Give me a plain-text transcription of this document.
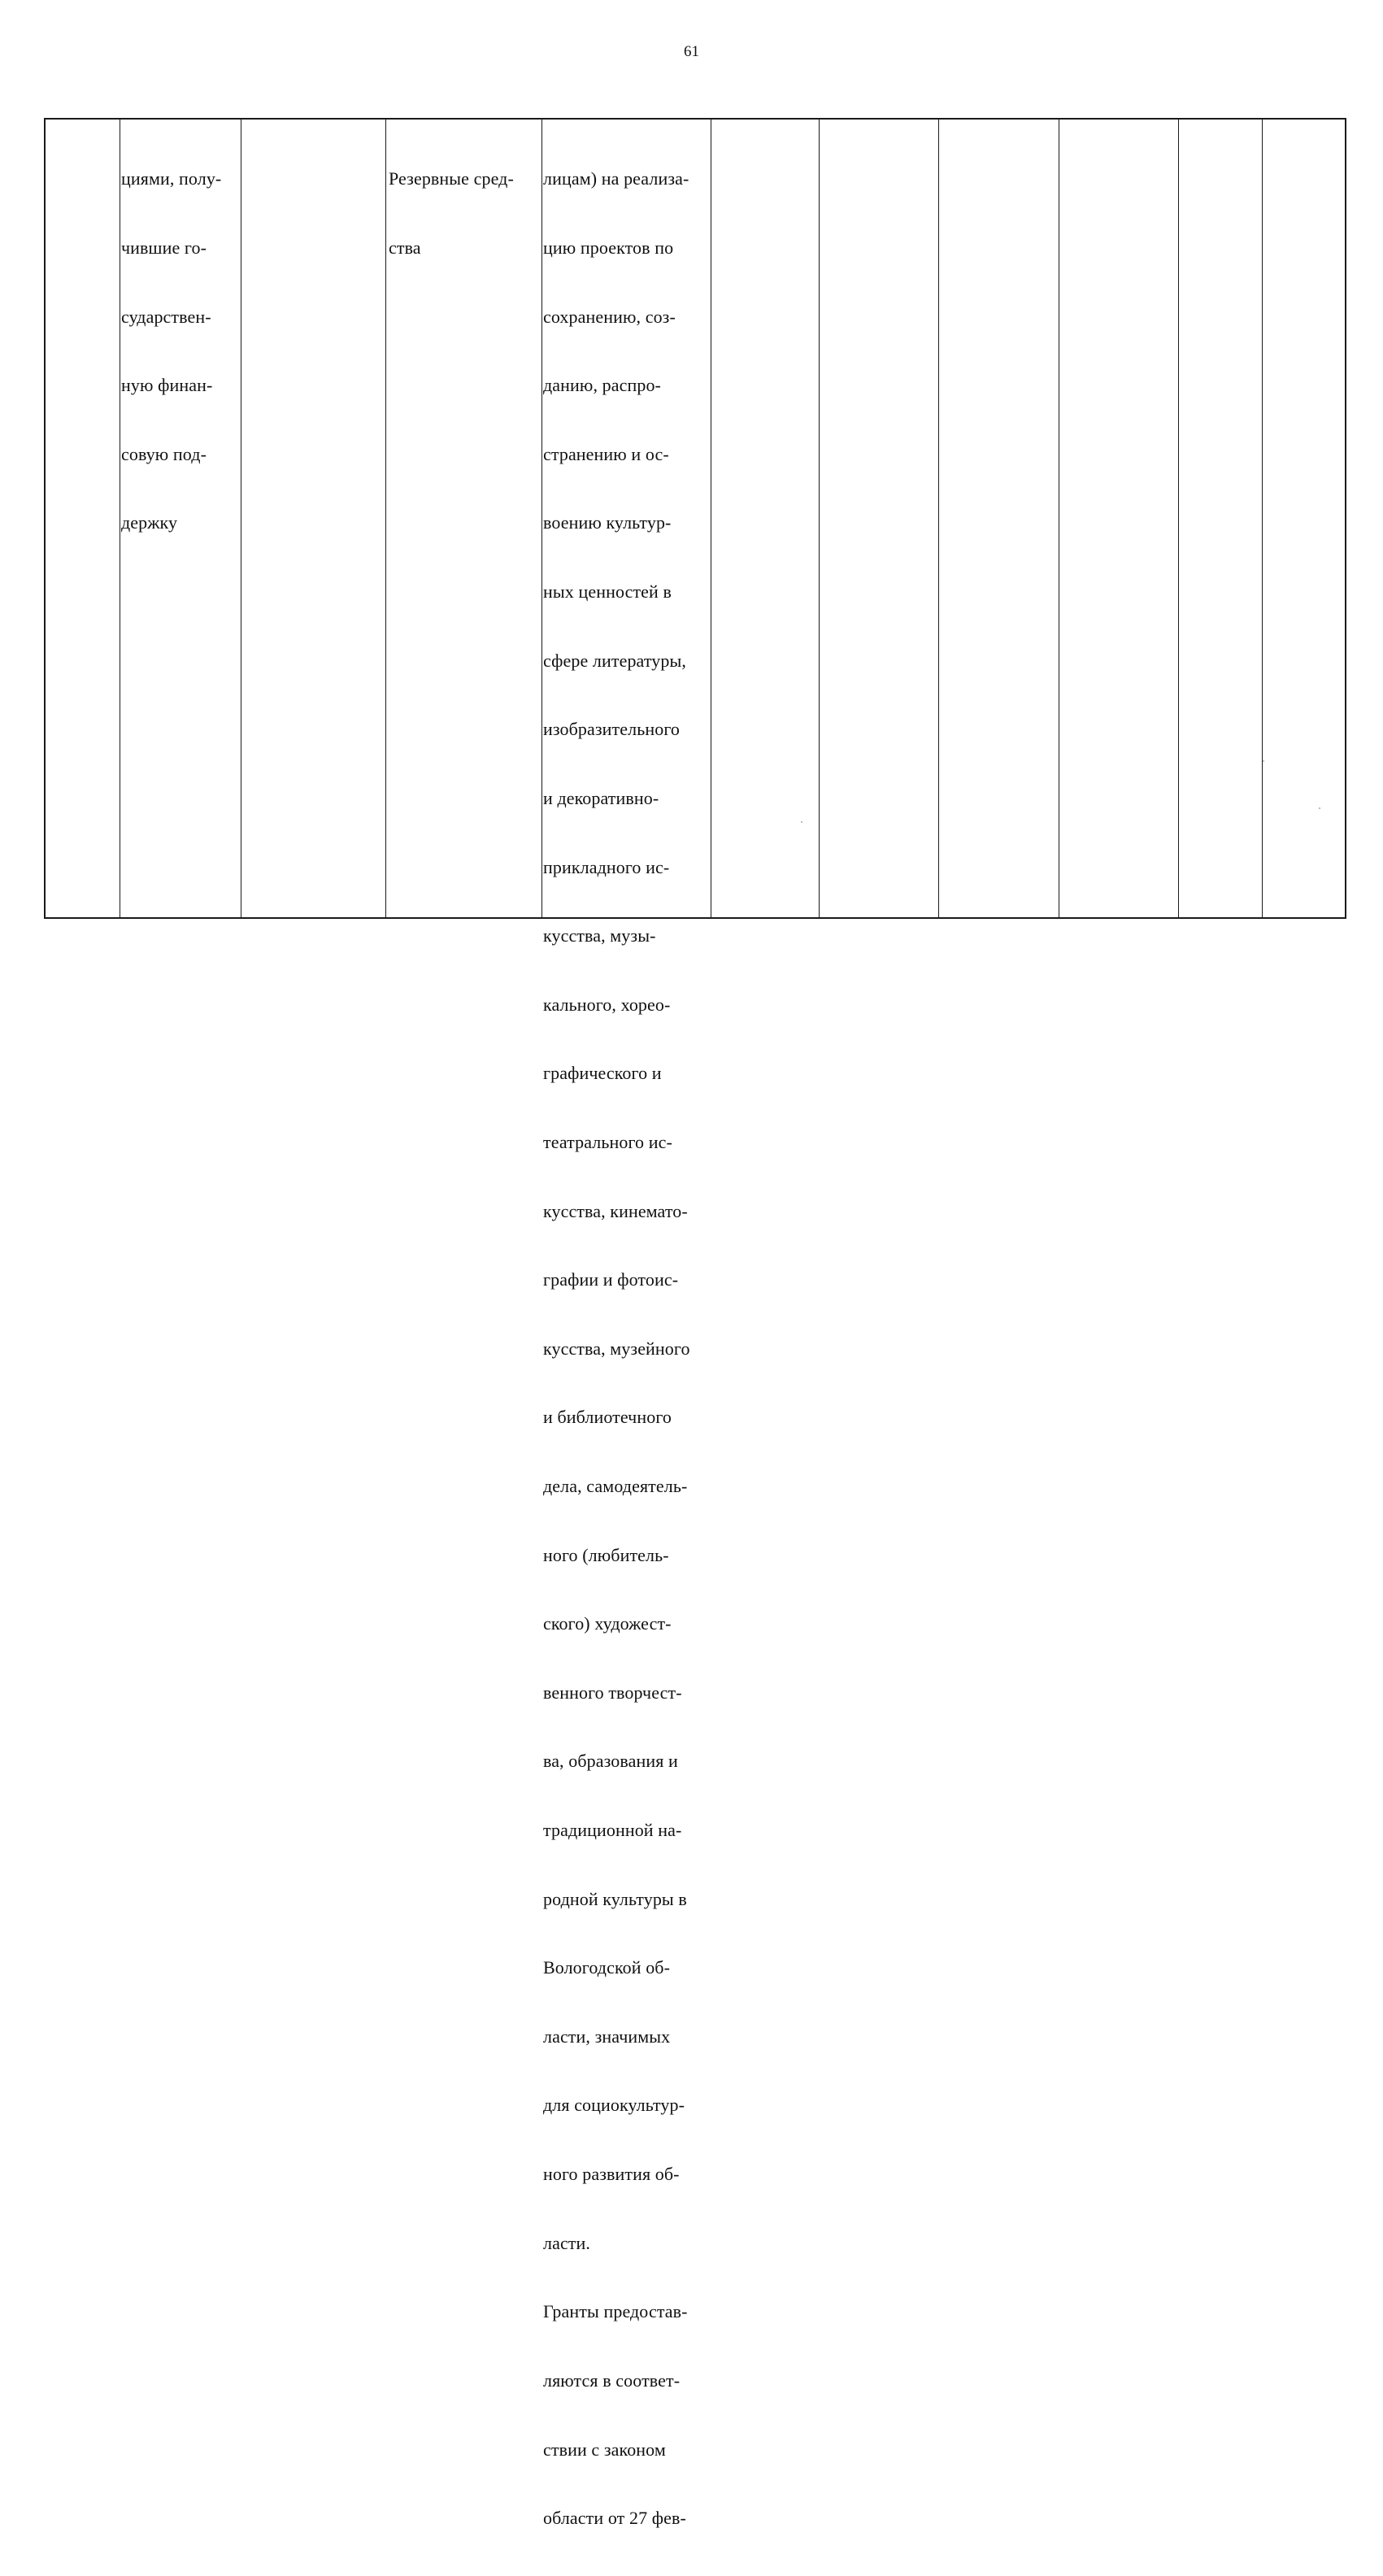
61

циями, полу-

чившие го-

сударствен-

ную финан-

совую под-

держку

Резервные сред-

ства

лицам) на реализа-

цию проектов по

сохранению, соз-

данию, распро-

странению и ос-

воению культур-

ных ценностей в

сфере литературы,

изобразительного

и декоративно-

прикладного ис-

кусства, музы-

кального, хорео-

графического и

театрального ис-

кусства, кинемато-

графии и фотоис-

кусства, музейного

и библиотечного

дела, самодеятель-

ного (любитель-

ского) художест-

венного творчест-

ва, образования и

традиционной на-

родной культуры в

Вологодской об-

ласти, значимых

для социокультур-

ного развития об-

ласти.

Гранты предостав-

ляются в соответ-

ствии с законом

области от 27 фев-
